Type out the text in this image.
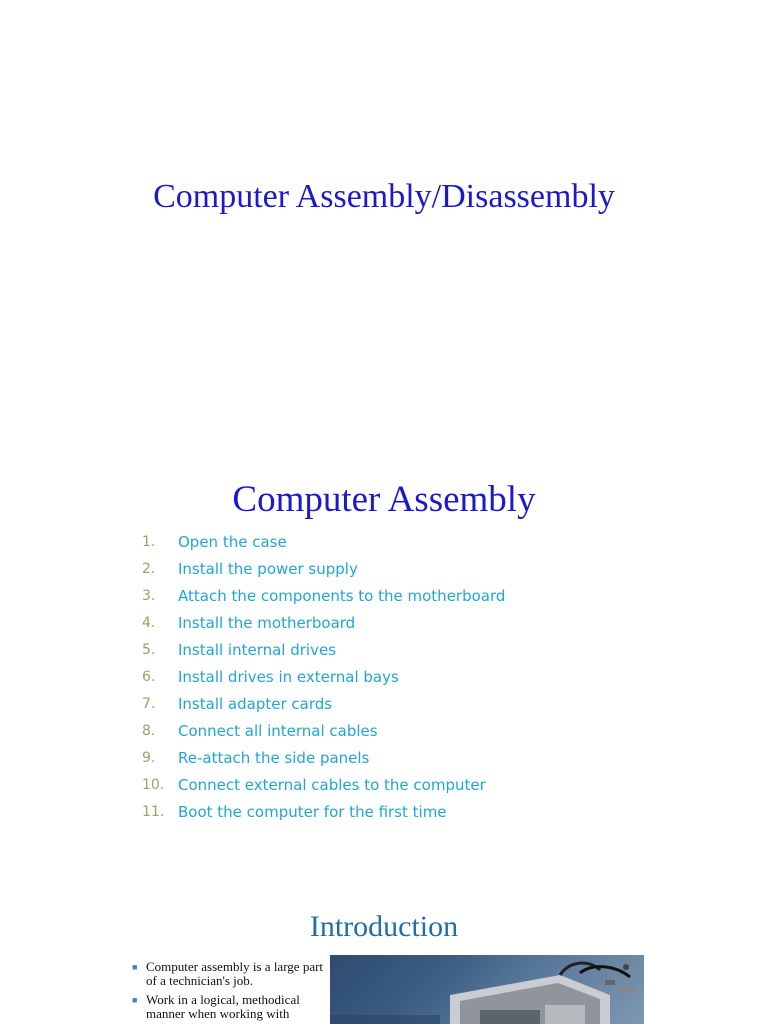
Computer Assembly/Disassembly
Computer Assembly
1.	Open the case
2.	Install the power supply
3.	Attach the components to the motherboard
4.	Install the motherboard
5.	Install internal drives
6.	Install drives in external bays
7.	Install adapter cards
8.	Connect all internal cables
9.	Re-attach the side panels
10. Connect external cables to the computer
11. Boot the computer for the first time
Introduction
■ Computer assembly is a large part of a technician's job.
■ Work in a logical, methodical manner when working with
